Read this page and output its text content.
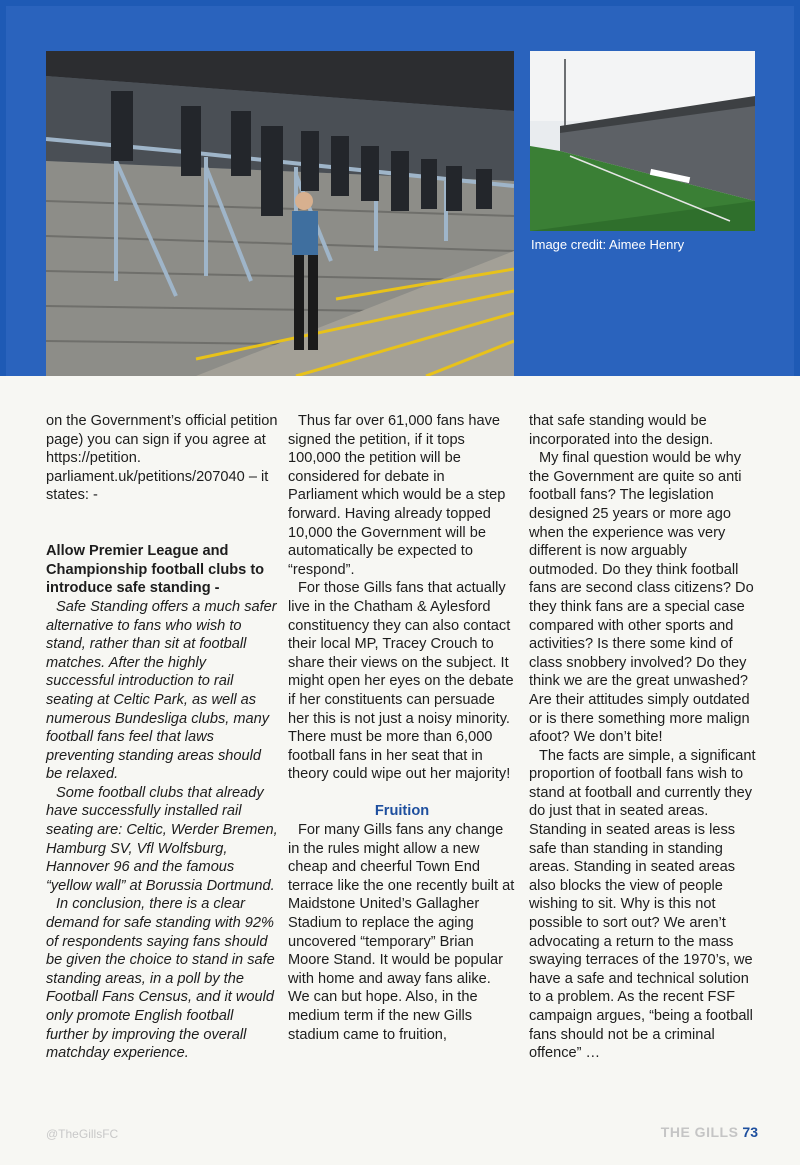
Image credit: Aimee Henry

on the Government’s official petition page) you can sign if you agree at https://petition. parliament.uk/petitions/207040 – it states: -

Allow Premier League and Championship football clubs to introduce safe standing -

Safe Standing offers a much safer alternative to fans who wish to stand, rather than sit at football matches. After the highly successful introduction to rail seating at Celtic Park, as well as numerous Bundesliga clubs, many football fans feel that laws preventing standing areas should be relaxed.

Some football clubs that already have successfully installed rail seating are: Celtic, Werder Bremen, Hamburg SV, Vfl Wolfsburg, Hannover 96 and the famous “yellow wall” at Borussia Dortmund.

In conclusion, there is a clear demand for safe standing with 92% of respondents saying fans should be given the choice to stand in safe standing areas, in a poll by the Football Fans Census, and it would only promote English football further by improving the overall matchday experience.

Thus far over 61,000 fans have signed the petition, if it tops 100,000 the petition will be considered for debate in Parliament which would be a step forward. Having already topped 10,000 the Government will be automatically be expected to “respond”.

For those Gills fans that actually live in the Chatham & Aylesford constituency they can also contact their local MP, Tracey Crouch to share their views on the subject. It might open her eyes on the debate if her constituents can persuade her this is not just a noisy minority. There must be more than 6,000 football fans in her seat that in theory could wipe out her majority!

Fruition

For many Gills fans any change in the rules might allow a new cheap and cheerful Town End terrace like the one recently built at Maidstone United’s Gallagher Stadium to replace the aging uncovered “temporary” Brian Moore Stand. It would be popular with home and away fans alike. We can but hope. Also, in the medium term if the new Gills stadium came to fruition,

that safe standing would be incorporated into the design.

My final question would be why the Government are quite so anti football fans? The legislation designed 25 years or more ago when the experience was very different is now arguably outmoded. Do they think football fans are second class citizens? Do they think fans are a special case compared with other sports and activities? Is there some kind of class snobbery involved? Do they think we are the great unwashed? Are their attitudes simply outdated or is there something more malign afoot? We don’t bite!

The facts are simple, a significant proportion of football fans wish to stand at football and currently they do just that in seated areas. Standing in seated areas is less safe than standing in standing areas. Standing in seated areas also blocks the view of people wishing to sit. Why is this not possible to sort out? We aren’t advocating a return to the mass swaying terraces of the 1970’s, we have a safe and technical solution to a problem. As the recent FSF campaign argues, “being a football fans should not be a criminal offence” …

@TheGillsFC	THE GILLS 73
